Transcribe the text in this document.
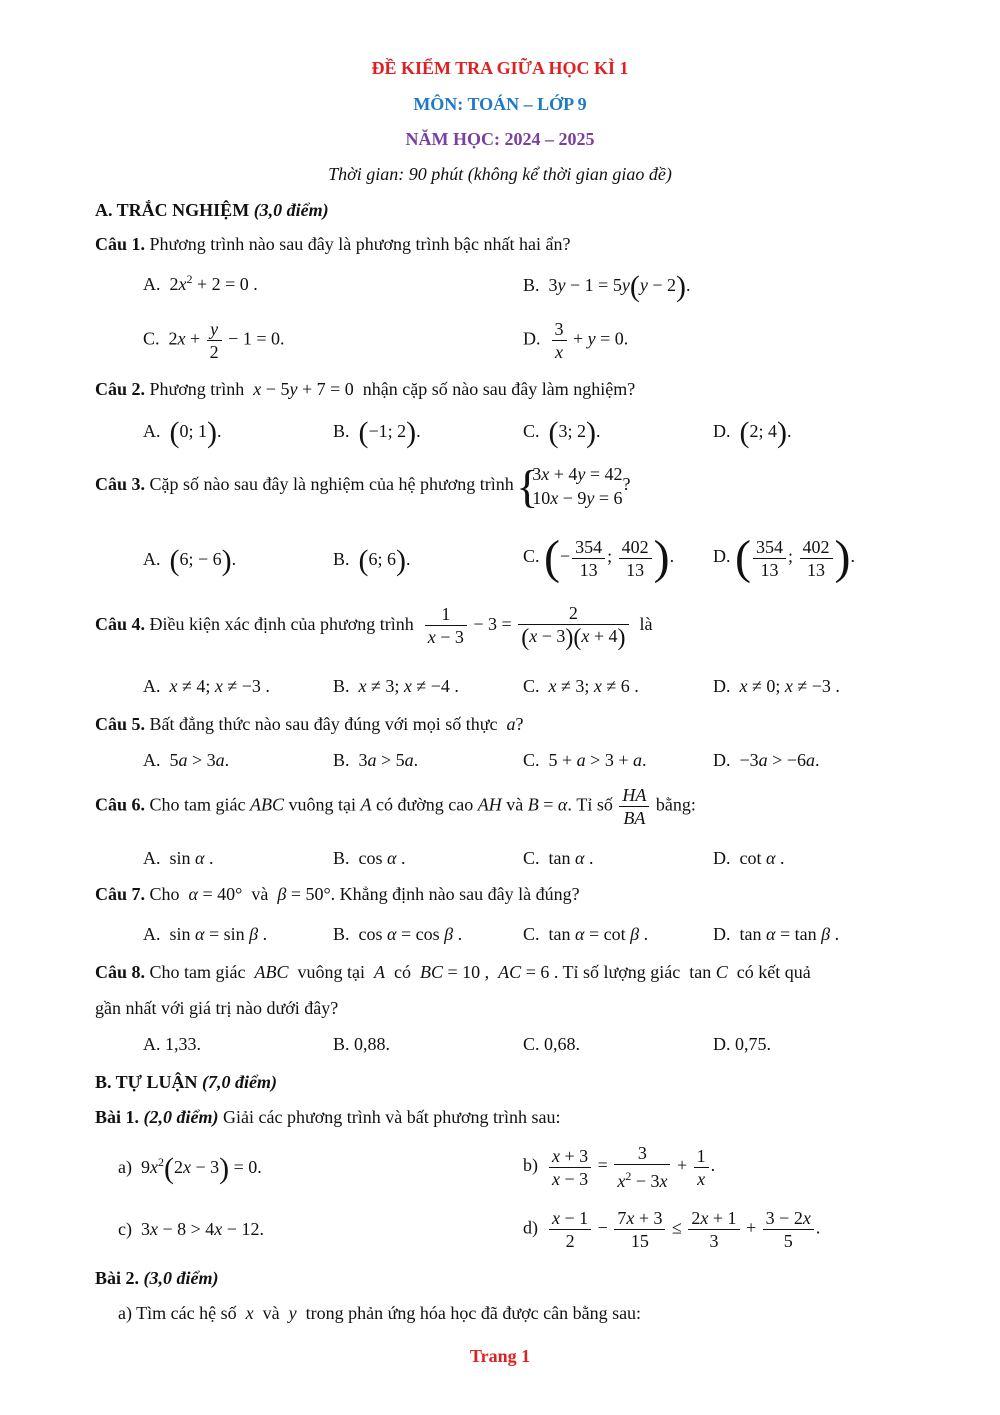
ĐỀ KIỂM TRA GIỮA HỌC KÌ 1
MÔN: TOÁN – LỚP 9
NĂM HỌC: 2024 – 2025
Thời gian: 90 phút (không kể thời gian giao đề)
A. TRẮC NGHIỆM (3,0 điểm)
Câu 1. Phương trình nào sau đây là phương trình bậc nhất hai ẩn?
A.  $2x^2 + 2 = 0$ .	B.  3y − 1 = 5y(y − 2).
C.  $2x + \frac{y}{2} - 1 = 0$.	D. $\frac{3}{x} + y = 0$.
Câu 2. Phương trình x − 5y + 7 = 0  nhận cặp số nào sau đây làm nghiệm?
A. (0; 1).	B. (−1; 2).	C. (3; 2).	D. (2; 4).
Câu 3. Cặp số nào sau đây là nghiệm của hệ phương trình
{ 3x + 4y = 42
10x − 9y = 6
?
A. (6; − 6).	B. (6; 6).	C. (− $\frac{354}{13}$ ; $\frac{402}{13}$ ). D. ( $\frac{354}{13}$ ; $\frac{402}{13}$ ).
Câu 4. Điều kiện xác định của phương trình $\frac{1}{x - 3} - 3 = \frac{2}{(x - 3)(x + 4)}$ là
A. x ≠ 4; x ≠ −3 .	B. x ≠ 3; x ≠ −4 .	C. x ≠ 3; x ≠ 6 .	D. x ≠ 0; x ≠ −3 .
Câu 5. Bất đẳng thức nào sau đây đúng với mọi số thực a?
A.  5a > 3a.	B.  3a > 5a.	C.  5 + a > 3 + a.	D.  −3a > −6a.
Câu 6. Cho tam giác ABC vuông tại A có đường cao AH và B = α. Tỉ số $\frac{HA}{BA}$ bằng:
A.  sin α .	B.  cos α .	C.  tan α .	D.  cot α .
Câu 7. Cho α = 40°  và β = 50°. Khẳng định nào sau đây là đúng?
A.  sin α = sin β .	B.  cos α = cos β .	C.  tan α = cot β .	D.  tan α = tan β .
Câu 8. Cho tam giác ABC vuông tại A có BC = 10 ,  AC = 6 . Tỉ số lượng giác  tan C có kết quả
gần nhất với giá trị nào dưới đây?
A. 1,33.	B. 0,88.	C. 0,68.	D. 0,75.
B. TỰ LUẬN (7,0 điểm)
Bài 1. (2,0 điểm) Giải các phương trình và bất phương trình sau:
a)  $9x^2(2x - 3) = 0$.	$b) \frac{x + 3}{x - 3} = \frac{3}{x^2 - 3x} + \frac{1}{x}$ .
c)  3x − 8 > 4x − 12.	$d) \frac{x - 1}{2} - \frac{7x + 3}{15} \le \frac{2x + 1}{3} + \frac{3 - 2x}{5}$ .
Bài 2. (3,0 điểm)
a) Tìm các hệ số x và y trong phản ứng hóa học đã được cân bằng sau:
Trang 1
